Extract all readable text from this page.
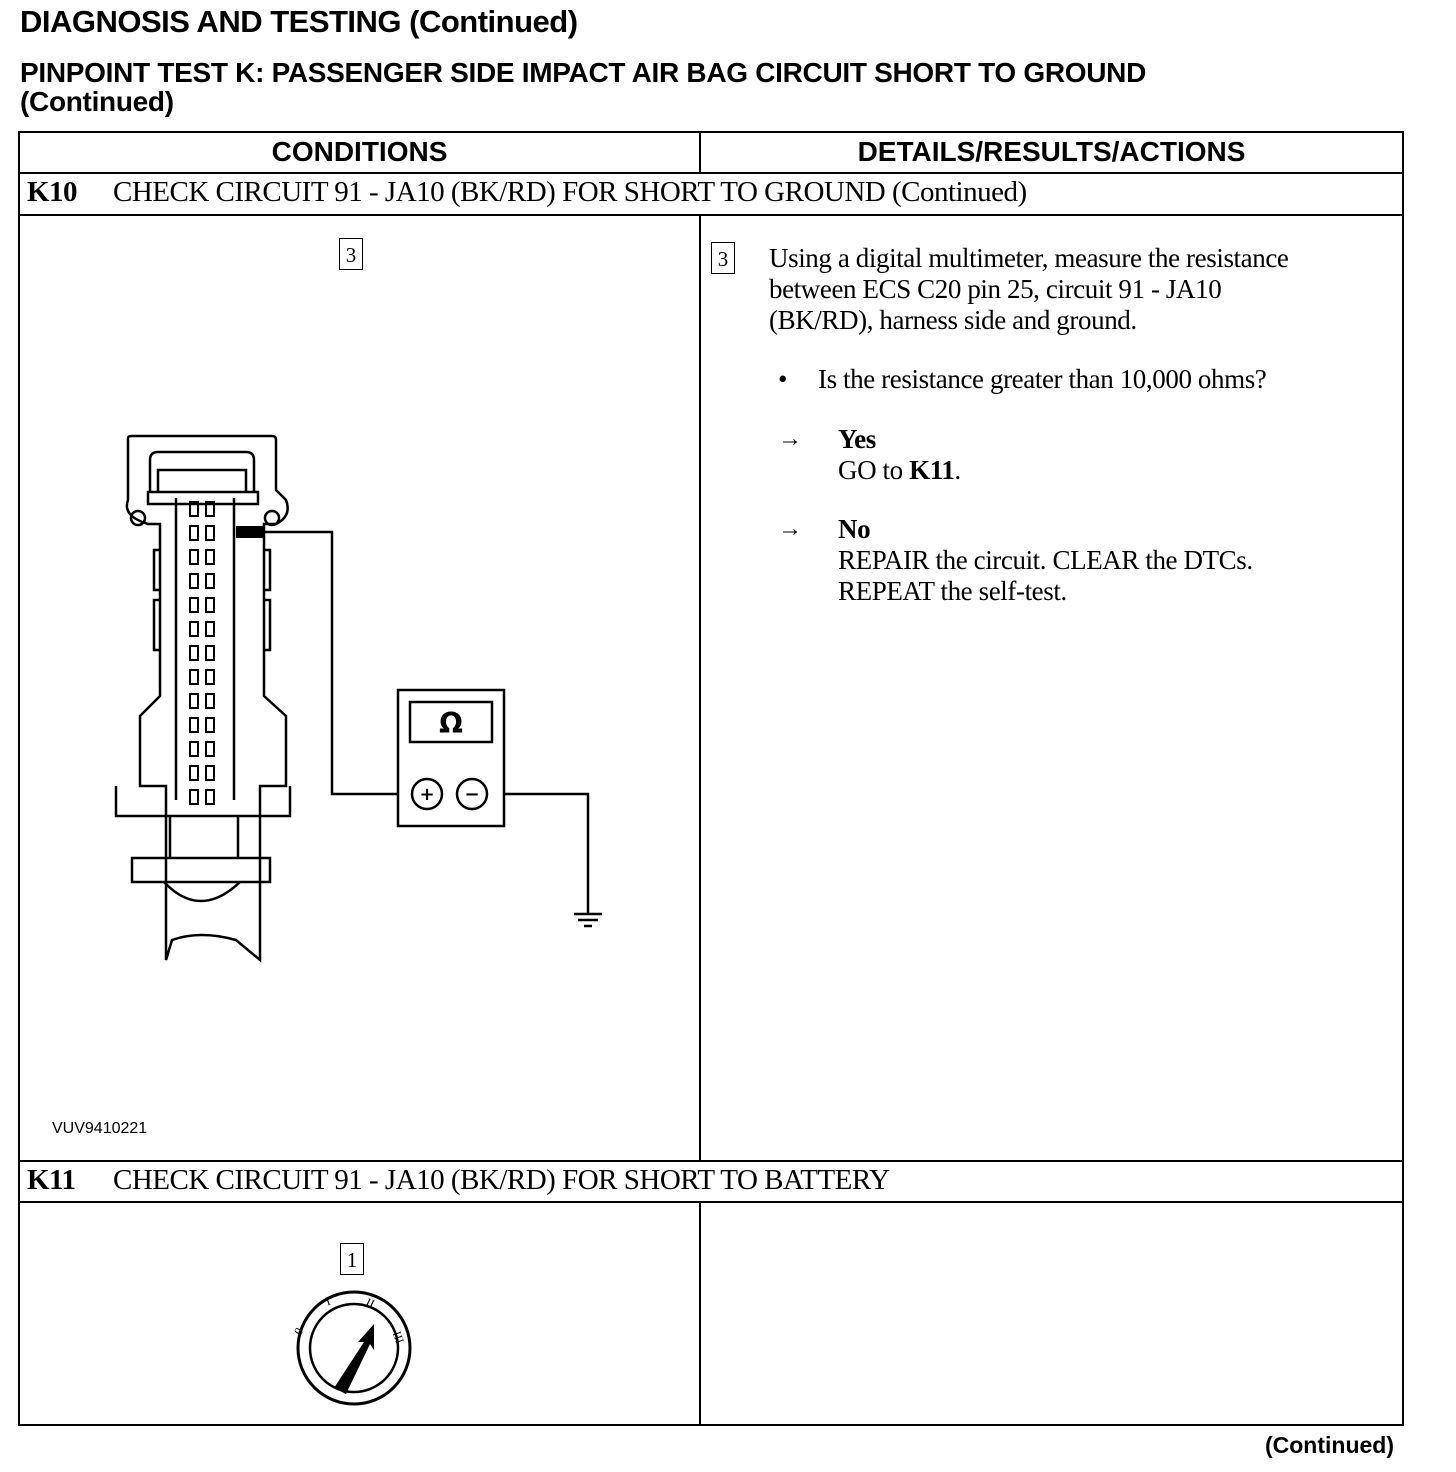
DIAGNOSIS AND TESTING (Continued)
PINPOINT TEST K: PASSENGER SIDE IMPACT AIR BAG CIRCUIT SHORT TO GROUND
(Continued)
CONDITIONS	DETAILS/RESULTS/ACTIONS
K10 CHECK CIRCUIT 91 - JA10 (BK/RD) FOR SHORT TO GROUND (Continued)
3
Ω
+	−
VUV9410221
3 Using a digital multimeter, measure the resistance
between ECS C20 pin 25, circuit 91 - JA10
(BK/RD), harness side and ground.
• Is the resistance greater than 10,000 ohms?
→ Yes
GO to K11.
→ No
REPAIR the circuit. CLEAR the DTCs.
REPEAT the self-test.
K11 CHECK CIRCUIT 91 - JA10 (BK/RD) FOR SHORT TO BATTERY
1
0
I	II
III
(Continued)
